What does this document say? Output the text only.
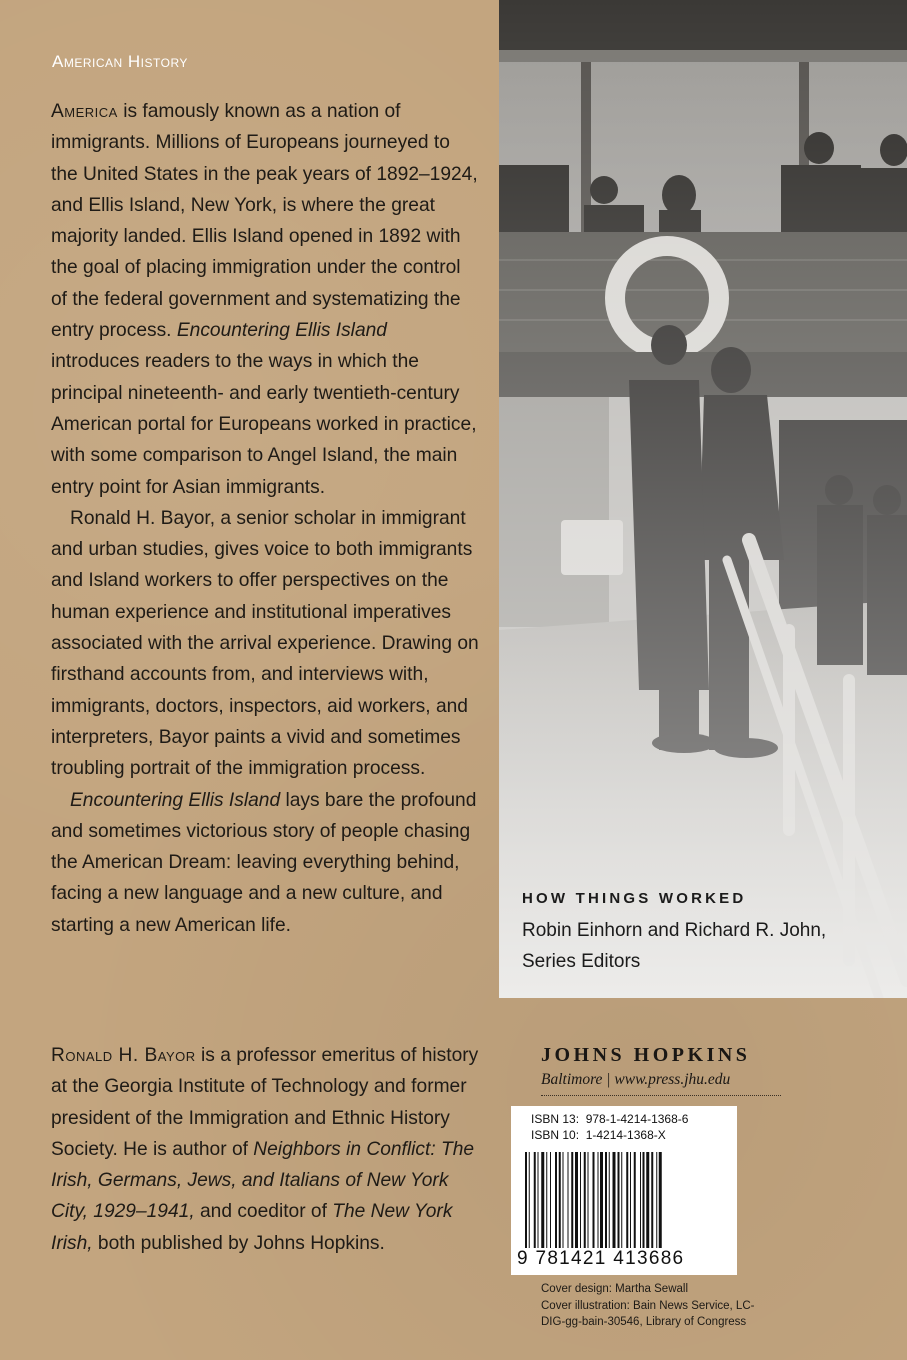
American History

America is famously known as a nation of immigrants. Millions of Europeans journeyed to the United States in the peak years of 1892–1924, and Ellis Island, New York, is where the great majority landed. Ellis Island opened in 1892 with the goal of placing immigration under the control of the federal government and systematizing the entry process. Encountering Ellis Island introduces readers to the ways in which the principal nineteenth- and early twentieth-century American portal for Europeans worked in practice, with some comparison to Angel Island, the main entry point for Asian immigrants.

Ronald H. Bayor, a senior scholar in immigrant and urban studies, gives voice to both immigrants and Island workers to offer perspectives on the human experience and institutional imperatives associated with the arrival experience. Drawing on firsthand accounts from, and interviews with, immigrants, doctors, inspectors, aid workers, and interpreters, Bayor paints a vivid and sometimes troubling portrait of the immigration process.

Encountering Ellis Island lays bare the profound and sometimes victorious story of people chasing the American Dream: leaving everything behind, facing a new language and a new culture, and starting a new American life.

Ronald H. Bayor is a professor emeritus of history at the Georgia Institute of Technology and former president of the Immigration and Ethnic History Society. He is author of Neighbors in Conflict: The Irish, Germans, Jews, and Italians of New York City, 1929–1941, and coeditor of The New York Irish, both published by Johns Hopkins.

HOW THINGS WORKED
Robin Einhorn and Richard R. John,
Series Editors
JOHNS HOPKINS
Baltimore | www.press.jhu.edu
ISBN 13:  978-1-4214-1368-6
ISBN 10:  1-4214-1368-X
9 781421 413686
Cover design: Martha Sewall
Cover illustration: Bain News Service, LC-DIG-gg-bain-30546, Library of Congress
